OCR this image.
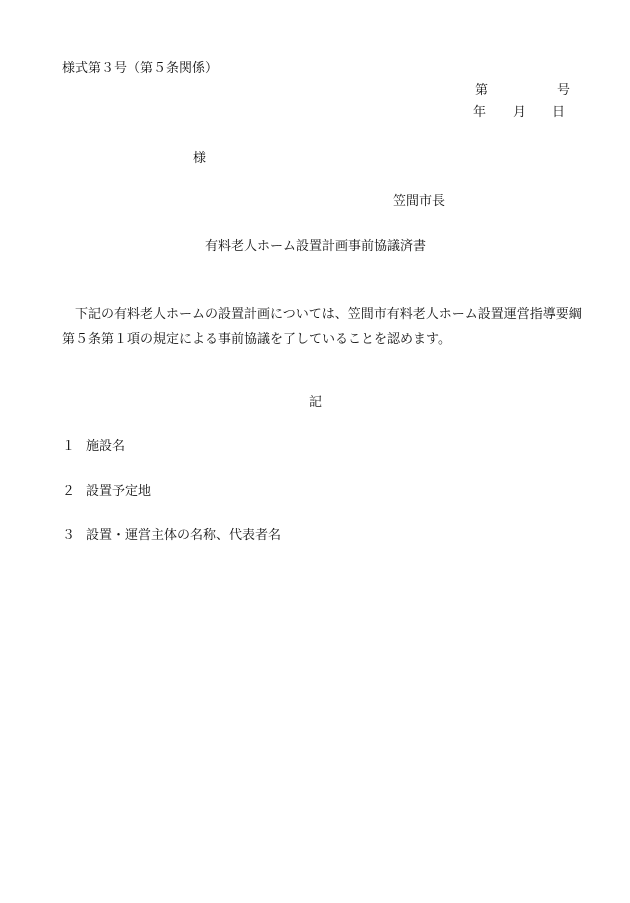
様式第３号（第５条関係）
第	号
年 月 日
様
笠間市長
有料老人ホーム設置計画事前協議済書
下記の有料老人ホームの設置計画については、笠間市有料老人ホーム設置運営指導要綱第５条第１項の規定による事前協議を了していることを認めます。
記
１ 施設名
２ 設置予定地
３ 設置・運営主体の名称、代表者名
